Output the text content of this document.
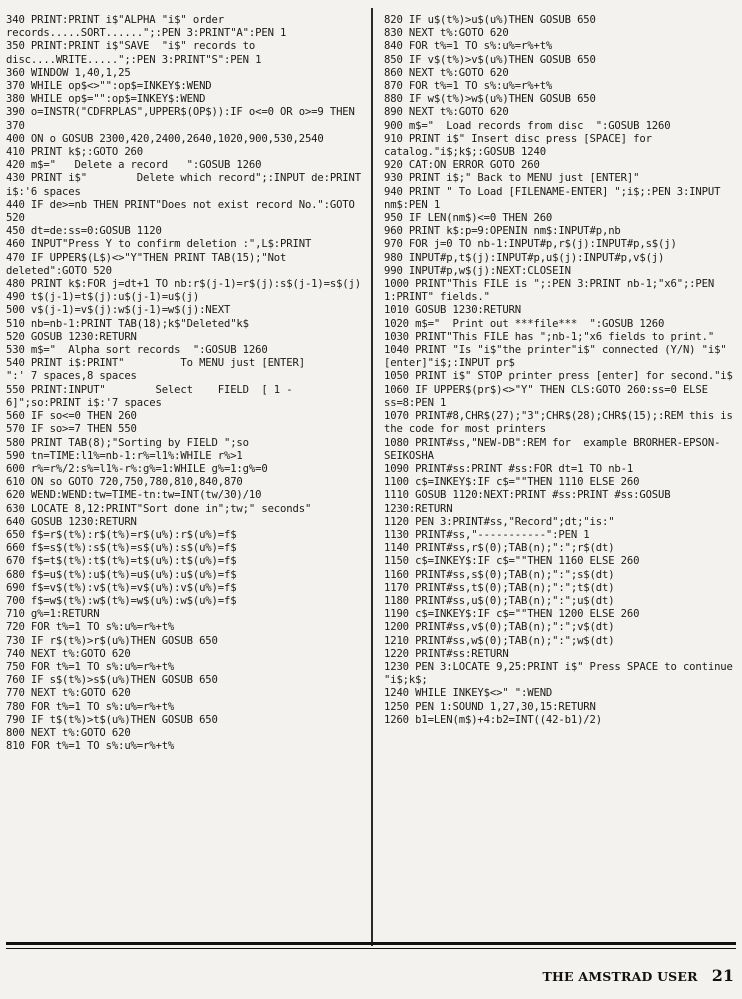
340 PRINT:PRINT i$"ALPHA "i$" order records.....SORT......";:PEN 3:PRINT"A":PEN 1
350 PRINT:PRINT i$"SAVE  "i$" records to disc....WRITE.....";:PEN 3:PRINT"S":PEN 1
360 WINDOW 1,40,1,25
370 WHILE op$<>"":op$=INKEY$:WEND
380 WHILE op$="":op$=INKEY$:WEND
390 o=INSTR("CDFRPLAS",UPPER$(OP$)):IF o<=0 OR o>=9 THEN 370
400 ON o GOSUB 2300,420,2400,2640,1020,900,530,2540
410 PRINT k$;:GOTO 260
420 m$="   Delete a record   ":GOSUB 1260
430 PRINT i$"        Delete which record";:INPUT de:PRINT i$:'6 spaces
440 IF de>=nb THEN PRINT"Does not exist record No.":GOTO 520
450 dt=de:ss=0:GOSUB 1120
460 INPUT"Press Y to confirm deletion :",L$:PRINT
470 IF UPPER$(L$)<>"Y"THEN PRINT TAB(15);"Not deleted":GOTO 520
480 PRINT k$:FOR j=dt+1 TO nb:r$(j-1)=r$(j):s$(j-1)=s$(j)
490 t$(j-1)=t$(j):u$(j-1)=u$(j)
500 v$(j-1)=v$(j):w$(j-1)=w$(j):NEXT
510 nb=nb-1:PRINT TAB(18);k$"Deleted"k$
520 GOSUB 1230:RETURN
530 m$="  Alpha sort records  ":GOSUB 1260
540 PRINT i$:PRINT"         To MENU just [ENTER]          ":' 7 spaces,8 spaces
550 PRINT:INPUT"        Select    FIELD  [ 1 - 6]";so:PRINT i$:'7 spaces
560 IF so<=0 THEN 260
570 IF so>=7 THEN 550
580 PRINT TAB(8);"Sorting by FIELD ";so
590 tn=TIME:l1%=nb-1:r%=l1%:WHILE r%>1
600 r%=r%/2:s%=l1%-r%:g%=1:WHILE g%=1:g%=0
610 ON so GOTO 720,750,780,810,840,870
620 WEND:WEND:tw=TIME-tn:tw=INT(tw/30)/10
630 LOCATE 8,12:PRINT"Sort done in";tw;" seconds"
640 GOSUB 1230:RETURN
650 f$=r$(t%):r$(t%)=r$(u%):r$(u%)=f$
660 f$=s$(t%):s$(t%)=s$(u%):s$(u%)=f$
670 f$=t$(t%):t$(t%)=t$(u%):t$(u%)=f$
680 f$=u$(t%):u$(t%)=u$(u%):u$(u%)=f$
690 f$=v$(t%):v$(t%)=v$(u%):v$(u%)=f$
700 f$=w$(t%):w$(t%)=w$(u%):w$(u%)=f$
710 g%=1:RETURN
720 FOR t%=1 TO s%:u%=r%+t%
730 IF r$(t%)>r$(u%)THEN GOSUB 650
740 NEXT t%:GOTO 620
750 FOR t%=1 TO s%:u%=r%+t%
760 IF s$(t%)>s$(u%)THEN GOSUB 650
770 NEXT t%:GOTO 620
780 FOR t%=1 TO s%:u%=r%+t%
790 IF t$(t%)>t$(u%)THEN GOSUB 650
800 NEXT t%:GOTO 620
810 FOR t%=1 TO s%:u%=r%+t%
820 IF u$(t%)>u$(u%)THEN GOSUB 650
830 NEXT t%:GOTO 620
840 FOR t%=1 TO s%:u%=r%+t%
850 IF v$(t%)>v$(u%)THEN GOSUB 650
860 NEXT t%:GOTO 620
870 FOR t%=1 TO s%:u%=r%+t%
880 IF w$(t%)>w$(u%)THEN GOSUB 650
890 NEXT t%:GOTO 620
900 m$="  Load records from disc  ":GOSUB 1260
910 PRINT i$" Insert disc press [SPACE] for catalog."i$;k$;:GOSUB 1240
920 CAT:ON ERROR GOTO 260
930 PRINT i$;" Back to MENU just [ENTER]"
940 PRINT " To Load [FILENAME-ENTER] ";i$;:PEN 3:INPUT nm$:PEN 1
950 IF LEN(nm$)<=0 THEN 260
960 PRINT k$:p=9:OPENIN nm$:INPUT#p,nb
970 FOR j=0 TO nb-1:INPUT#p,r$(j):INPUT#p,s$(j)
980 INPUT#p,t$(j):INPUT#p,u$(j):INPUT#p,v$(j)
990 INPUT#p,w$(j):NEXT:CLOSEIN
1000 PRINT"This FILE is ";:PEN 3:PRINT nb-1;"x6";:PEN 1:PRINT" fields."
1010 GOSUB 1230:RETURN
1020 m$="  Print out ***file***  ":GOSUB 1260
1030 PRINT"This FILE has ";nb-1;"x6 fields to print."
1040 PRINT "Is "i$"the printer"i$" connected (Y/N) "i$"[enter]"i$;:INPUT pr$
1050 PRINT i$" STOP printer press [enter] for second."i$
1060 IF UPPER$(pr$)<>"Y" THEN CLS:GOTO 260:ss=0 ELSE ss=8:PEN 1
1070 PRINT#8,CHR$(27);"3";CHR$(28);CHR$(15);:REM this is the code for most printers
1080 PRINT#ss,"NEW-DB":REM for  example BRORHER-EPSON-SEIKOSHA
1090 PRINT#ss:PRINT #ss:FOR dt=1 TO nb-1
1100 c$=INKEY$:IF c$=""THEN 1110 ELSE 260
1110 GOSUB 1120:NEXT:PRINT #ss:PRINT #ss:GOSUB 1230:RETURN
1120 PEN 3:PRINT#ss,"Record";dt;"is:"
1130 PRINT#ss,"-----------":PEN 1
1140 PRINT#ss,r$(0);TAB(n);":";r$(dt)
1150 c$=INKEY$:IF c$=""THEN 1160 ELSE 260
1160 PRINT#ss,s$(0);TAB(n);":";s$(dt)
1170 PRINT#ss,t$(0);TAB(n);":";t$(dt)
1180 PRINT#ss,u$(0);TAB(n);":";u$(dt)
1190 c$=INKEY$:IF c$=""THEN 1200 ELSE 260
1200 PRINT#ss,v$(0);TAB(n);":";v$(dt)
1210 PRINT#ss,w$(0);TAB(n);":";w$(dt)
1220 PRINT#ss:RETURN
1230 PEN 3:LOCATE 9,25:PRINT i$" Press SPACE to continue "i$;k$;
1240 WHILE INKEY$<>" ":WEND
1250 PEN 1:SOUND 1,27,30,15:RETURN
1260 b1=LEN(m$)+4:b2=INT((42-b1)/2)
THE AMSTRAD USER 21
